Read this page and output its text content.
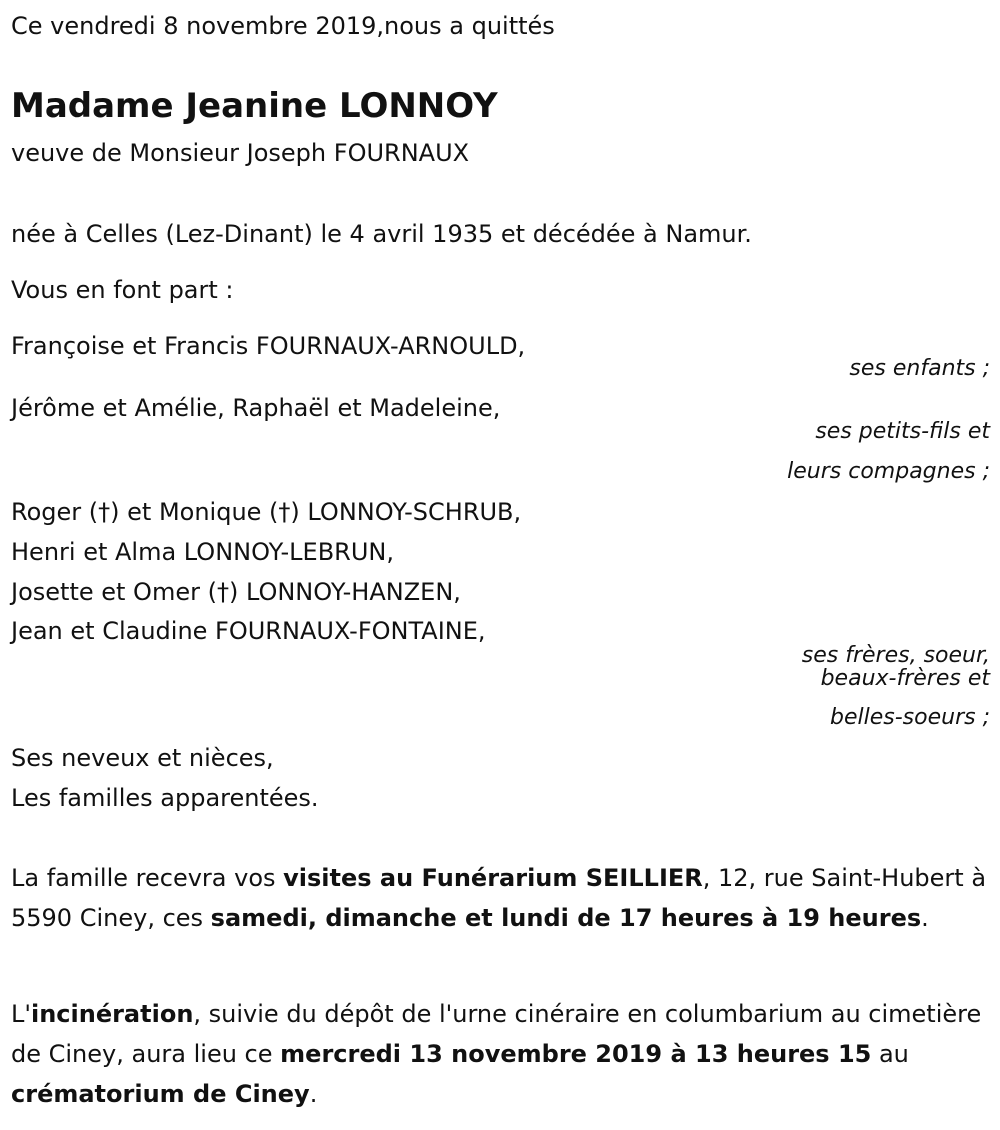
Ce vendredi 8 novembre 2019,nous a quittés

Madame Jeanine LONNOY

veuve de Monsieur Joseph FOURNAUX

née à Celles (Lez-Dinant) le 4 avril 1935 et décédée à Namur.

Vous en font part :

Françoise et Francis FOURNAUX-ARNOULD,

ses enfants ;

Jérôme et Amélie, Raphaël et Madeleine,

ses petits-fils et

leurs compagnes ;

Roger (†) et Monique (†) LONNOY-SCHRUB,

Henri et Alma LONNOY-LEBRUN,

Josette et Omer (†) LONNOY-HANZEN,

Jean et Claudine FOURNAUX-FONTAINE,

ses frères, soeur,

beaux-frères et

belles-soeurs ;

Ses neveux et nièces,

Les familles apparentées.

La famille recevra vos visites au Funérarium SEILLIER, 12, rue Saint-Hubert à 5590 Ciney, ces samedi, dimanche et lundi de 17 heures à 19 heures.

L'incinération, suivie du dépôt de l'urne cinéraire en columbarium au cimetière de Ciney, aura lieu ce mercredi 13 novembre 2019 à 13 heures 15 au crématorium de Ciney.
